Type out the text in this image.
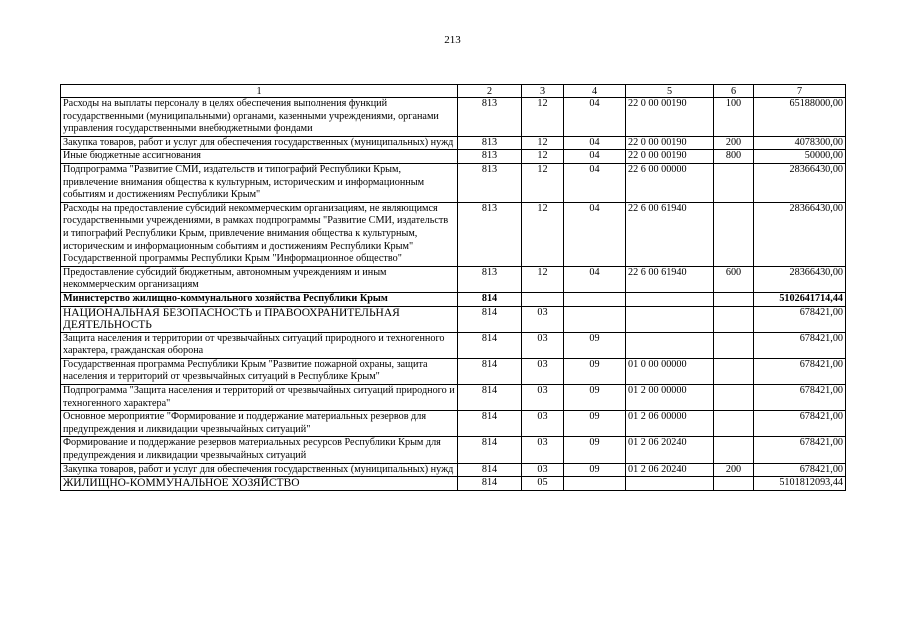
213
1	2	3	4	5	6	7
Расходы на выплаты персоналу в целях обеспечения выполнения функций государственными (муниципальными) органами, казенными учреждениями, органами управления государственными внебюджетными фондами	813	12	04	22 0 00 00190	100	65188000,00
Закупка товаров, работ и услуг для обеспечения государственных (муниципальных) нужд	813	12	04	22 0 00 00190	200	4078300,00
Иные бюджетные ассигнования	813	12	04	22 0 00 00190	800	50000,00
Подпрограмма "Развитие СМИ, издательств и типографий Республики Крым, привлечение внимания общества к культурным, историческим и информационным событиям и достижениям Республики Крым"	813	12	04	22 6 00 00000		28366430,00
Расходы на предоставление субсидий некоммерческим организациям, не являющимся государственными учреждениями, в рамках подпрограммы "Развитие СМИ, издательств и типографий Республики Крым, привлечение внимания общества к культурным, историческим и информационным событиям и достижениям Республики Крым" Государственной программы Республики Крым "Информационное общество"	813	12	04	22 6 00 61940		28366430,00
Предоставление субсидий бюджетным, автономным учреждениям и иным некоммерческим организациям	813	12	04	22 6 00 61940	600	28366430,00
Министерство жилищно-коммунального хозяйства Республики Крым	814					5102641714,44
НАЦИОНАЛЬНАЯ БЕЗОПАСНОСТЬ и ПРАВООХРАНИТЕЛЬНАЯ ДЕЯТЕЛЬНОСТЬ	814	03				678421,00
Защита населения и территории от чрезвычайных ситуаций природного и техногенного характера, гражданская оборона	814	03	09			678421,00
Государственная программа Республики Крым "Развитие пожарной охраны, защита населения и территорий от чрезвычайных ситуаций в Республике Крым"	814	03	09	01 0 00 00000		678421,00
Подпрограмма "Защита населения и территорий от чрезвычайных ситуаций природного и техногенного характера"	814	03	09	01 2 00 00000		678421,00
Основное мероприятие "Формирование и поддержание материальных резервов для предупреждения и ликвидации чрезвычайных ситуаций"	814	03	09	01 2 06 00000		678421,00
Формирование и поддержание резервов материальных ресурсов Республики Крым для предупреждения и ликвидации чрезвычайных ситуаций	814	03	09	01 2 06 20240		678421,00
Закупка товаров, работ и услуг для обеспечения государственных (муниципальных) нужд	814	03	09	01 2 06 20240	200	678421,00
ЖИЛИЩНО-КОММУНАЛЬНОЕ ХОЗЯЙСТВО	814	05				5101812093,44
